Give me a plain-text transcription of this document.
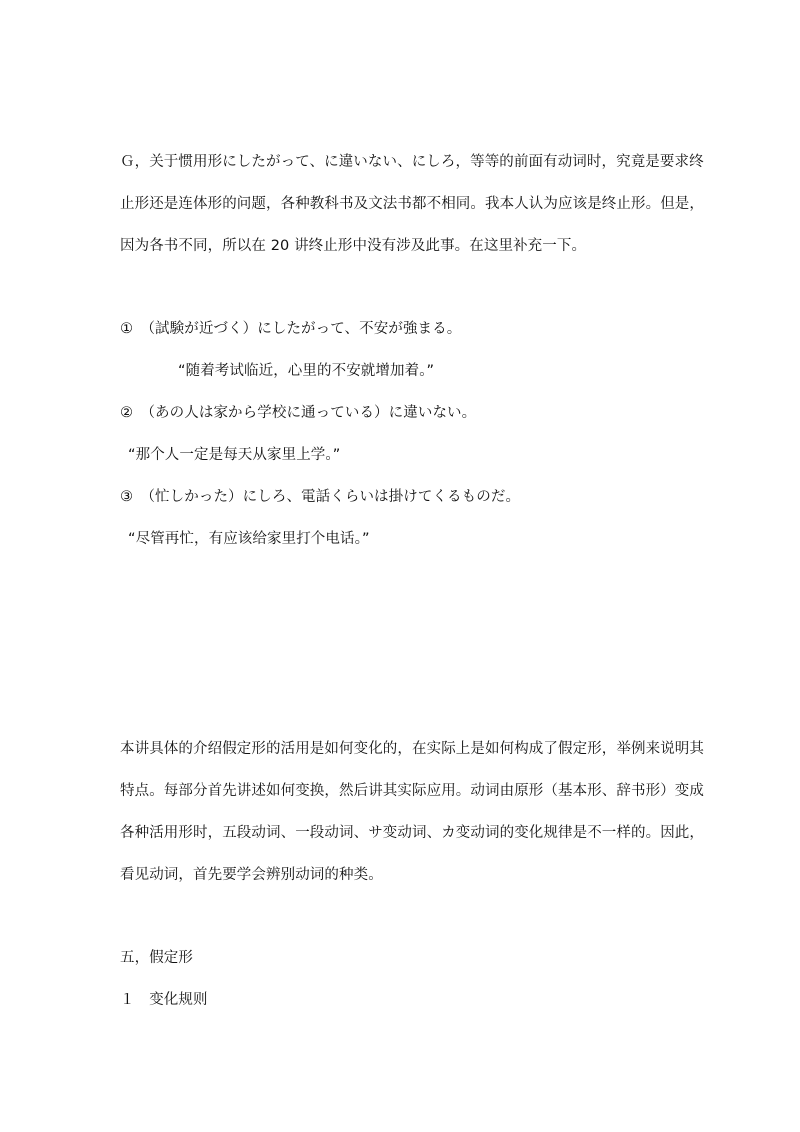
Ｇ，关于惯用形にしたがって、に違いない、にしろ，等等的前面有动词时，究竟是要求终
止形还是连体形的问题，各种教科书及文法书都不相同。我本人认为应该是终止形。但是，
因为各书不同，所以在 20 讲终止形中没有涉及此事。在这里补充一下。
①　（試験が近づく）にしたがって、不安が強まる。
“随着考试临近，心里的不安就增加着。”
②　（あの人は家から学校に通っている）に違いない。
“那个人一定是每天从家里上学。”
③　（忙しかった）にしろ、電話くらいは掛けてくるものだ。
“尽管再忙，有应该给家里打个电话。”
本讲具体的介绍假定形的活用是如何变化的，在实际上是如何构成了假定形，举例来说明其
特点。每部分首先讲述如何变换，然后讲其实际应用。动词由原形（基本形、辞书形）变成
各种活用形时，五段动词、一段动词、サ变动词、カ变动词的变化规律是不一样的。因此，
看见动词，首先要学会辨别动词的种类。
五，假定形
１　变化规则
